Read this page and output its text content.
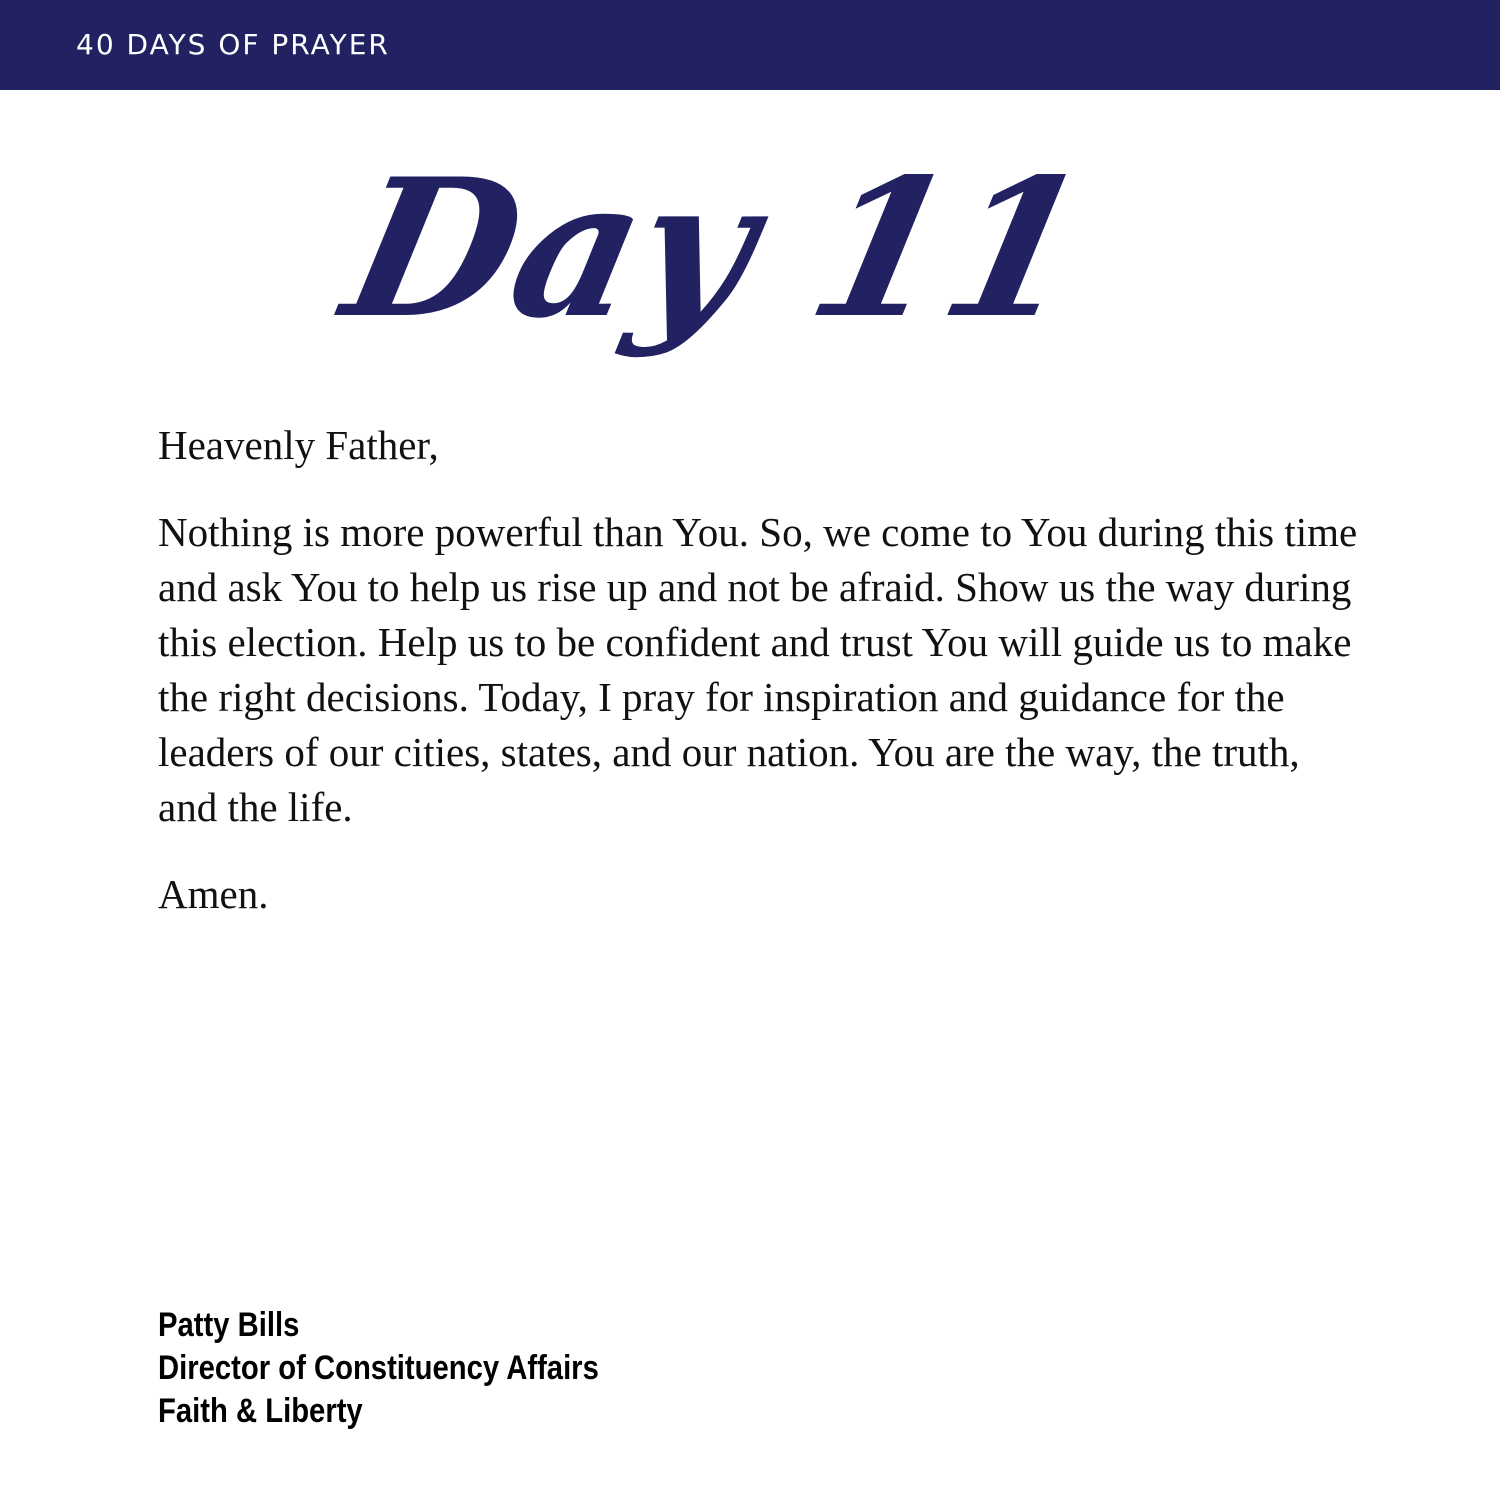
40 DAYS OF PRAYER
Day 11

Heavenly Father,

Nothing is more powerful than You. So, we come to You during this time and ask You to help us rise up and not be afraid. Show us the way during this election. Help us to be confident and trust You will guide us to make the right decisions. Today, I pray for inspiration and guidance for the leaders of our cities, states, and our nation. You are the way, the truth, and the life.

Amen.

Patty Bills
Director of Constituency Affairs
Faith & Liberty
